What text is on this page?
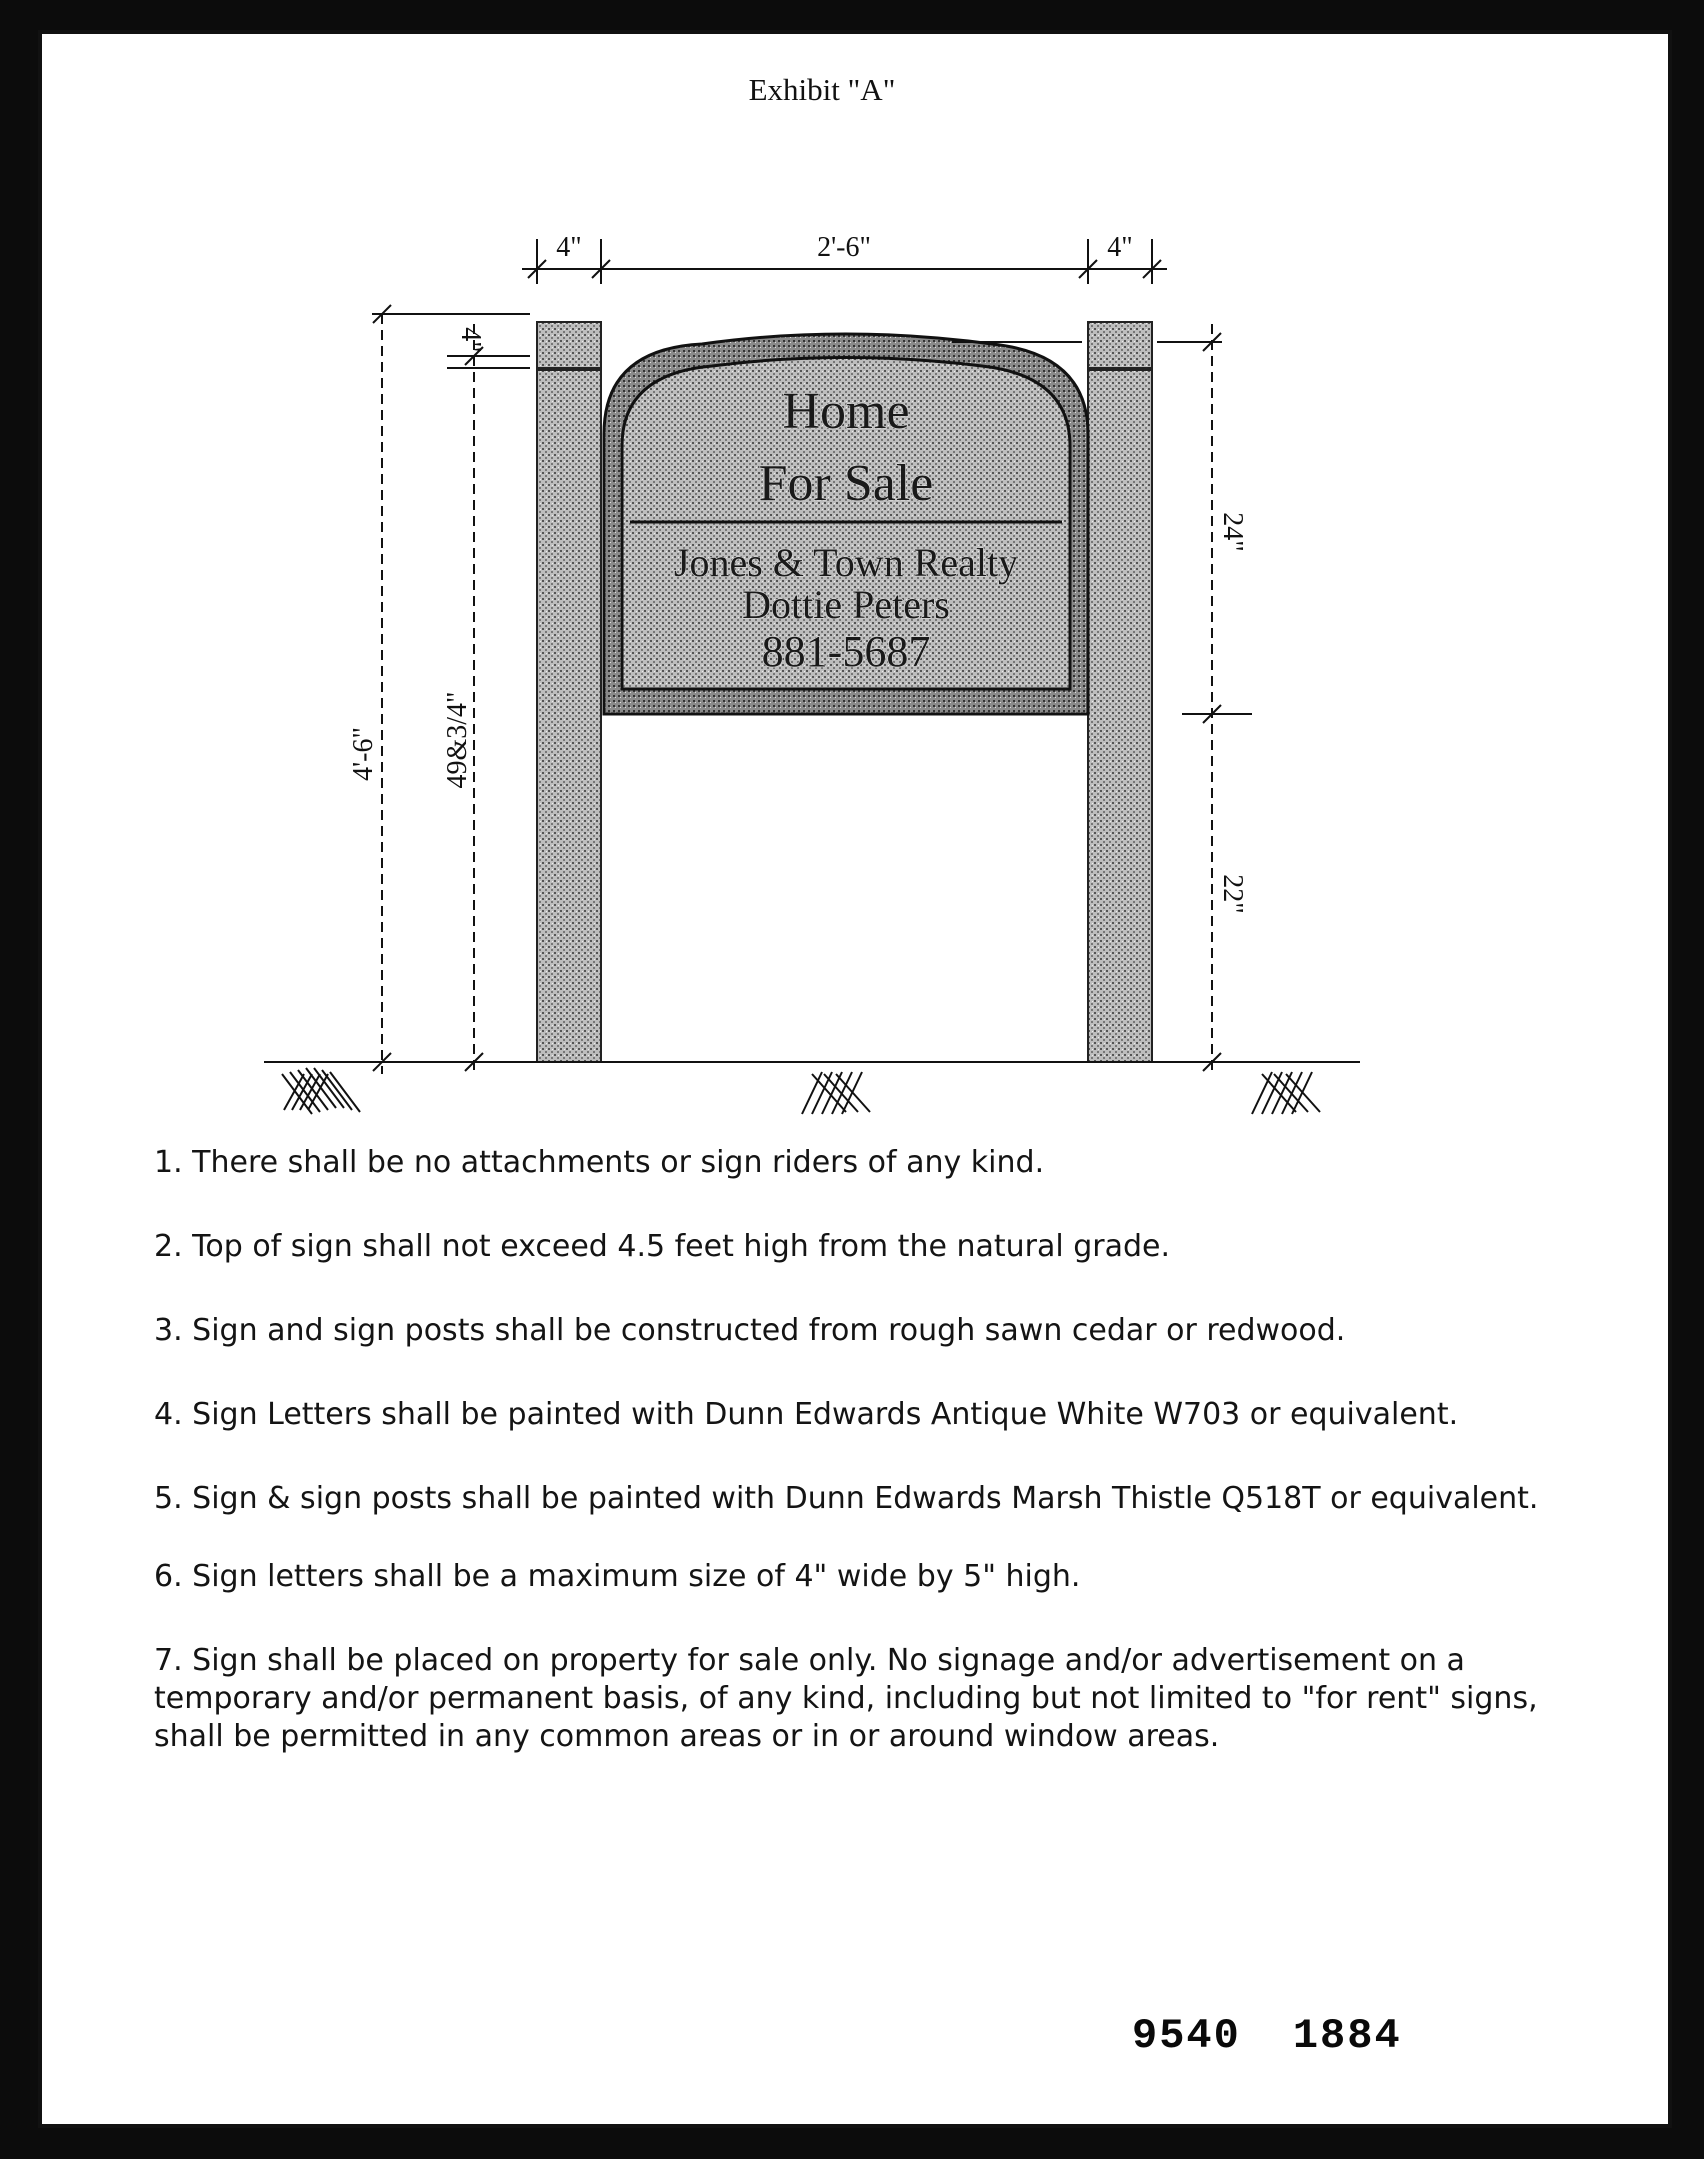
Exhibit "A"
Home
For Sale
Jones & Town Realty
Dottie Peters
881-5687
4"	2'-6"	4"
4"
4'-6" 49&3/4"
24"
22"

1. There shall be no attachments or sign riders of any kind.

2. Top of sign shall not exceed 4.5 feet high from the natural grade.

3. Sign and sign posts shall be constructed from rough sawn cedar or redwood.

4. Sign Letters shall be painted with Dunn Edwards Antique White W703 or equivalent.

5. Sign & sign posts shall be painted with Dunn Edwards Marsh Thistle Q518T or equivalent.

6. Sign letters shall be a maximum size of 4" wide by 5" high.

7. Sign shall be placed on property for sale only. No signage and/or advertisement on a temporary and/or permanent basis, of any kind, including but not limited to "for rent" signs, shall be permitted in any common areas or in or around window areas.

9540 1884
